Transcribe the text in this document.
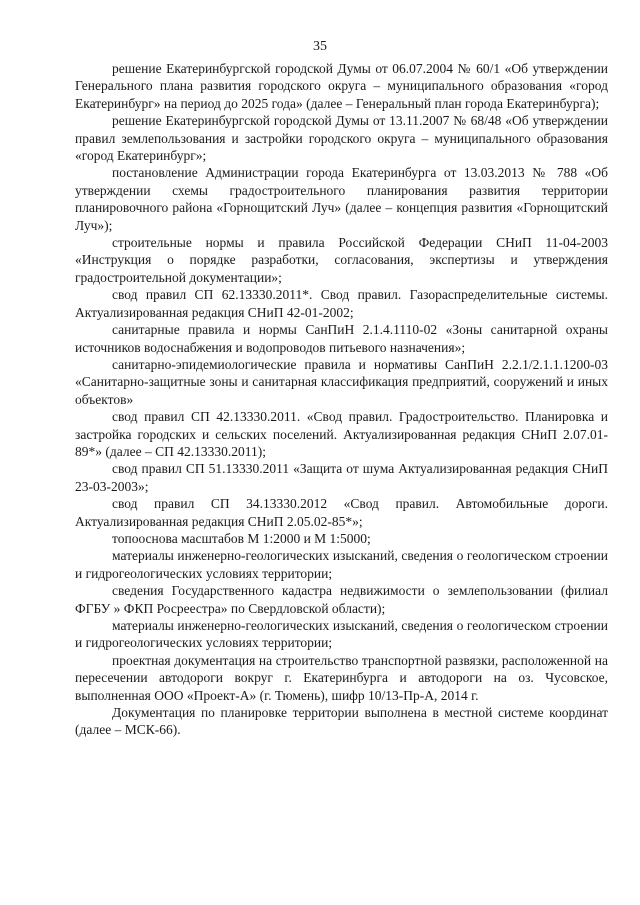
35

решение Екатеринбургской городской Думы от 06.07.2004 № 60/1 «Об утверждении Генерального плана развития городского округа – муниципального образования «город Екатеринбург» на период до 2025 года» (далее – Генеральный план города Екатеринбурга);

решение Екатеринбургской городской Думы от 13.11.2007 № 68/48 «Об утверждении правил землепользования и застройки городского округа – муниципального образования «город Екатеринбург»;

постановление Администрации города Екатеринбурга от 13.03.2013 № 788 «Об утверждении схемы градостроительного планирования развития территории планировочного района «Горнощитский Луч» (далее – концепция развития «Горнощитский Луч»);

строительные нормы и правила Российской Федерации СНиП 11-04-2003 «Инструкция о порядке разработки, согласования, экспертизы и утверждения градостроительной документации»;

свод правил СП 62.13330.2011*. Свод правил. Газораспределительные системы. Актуализированная редакция СНиП 42-01-2002;

санитарные правила и нормы СанПиН 2.1.4.1110-02 «Зоны санитарной охраны источников водоснабжения и водопроводов питьевого назначения»;

санитарно-эпидемиологические правила и нормативы СанПиН 2.2.1/2.1.1.1200-03 «Санитарно-защитные зоны и санитарная классификация предприятий, сооружений и иных объектов»

свод правил СП 42.13330.2011. «Свод правил. Градостроительство. Планировка и застройка городских и сельских поселений. Актуализированная редакция СНиП 2.07.01-89*» (далее – СП 42.13330.2011);

свод правил СП 51.13330.2011 «Защита от шума Актуализированная редакция СНиП 23-03-2003»;

свод правил СП 34.13330.2012 «Свод правил. Автомобильные дороги. Актуализированная редакция СНиП 2.05.02-85*»;

топооснова масштабов М 1:2000 и М 1:5000;

материалы инженерно-геологических изысканий, сведения о геологическом строении и гидрогеологических условиях территории;

сведения Государственного кадастра недвижимости о землепользовании (филиал ФГБУ » ФКП Росреестра» по Свердловской области);

материалы инженерно-геологических изысканий, сведения о геологическом строении и гидрогеологических условиях территории;

проектная документация на строительство транспортной развязки, расположенной на пересечении автодороги вокруг г. Екатеринбурга и автодороги на оз. Чусовское, выполненная ООО «Проект-А» (г. Тюмень), шифр 10/13-Пр-А, 2014 г.

Документация по планировке территории выполнена в местной системе координат (далее – МСК-66).
